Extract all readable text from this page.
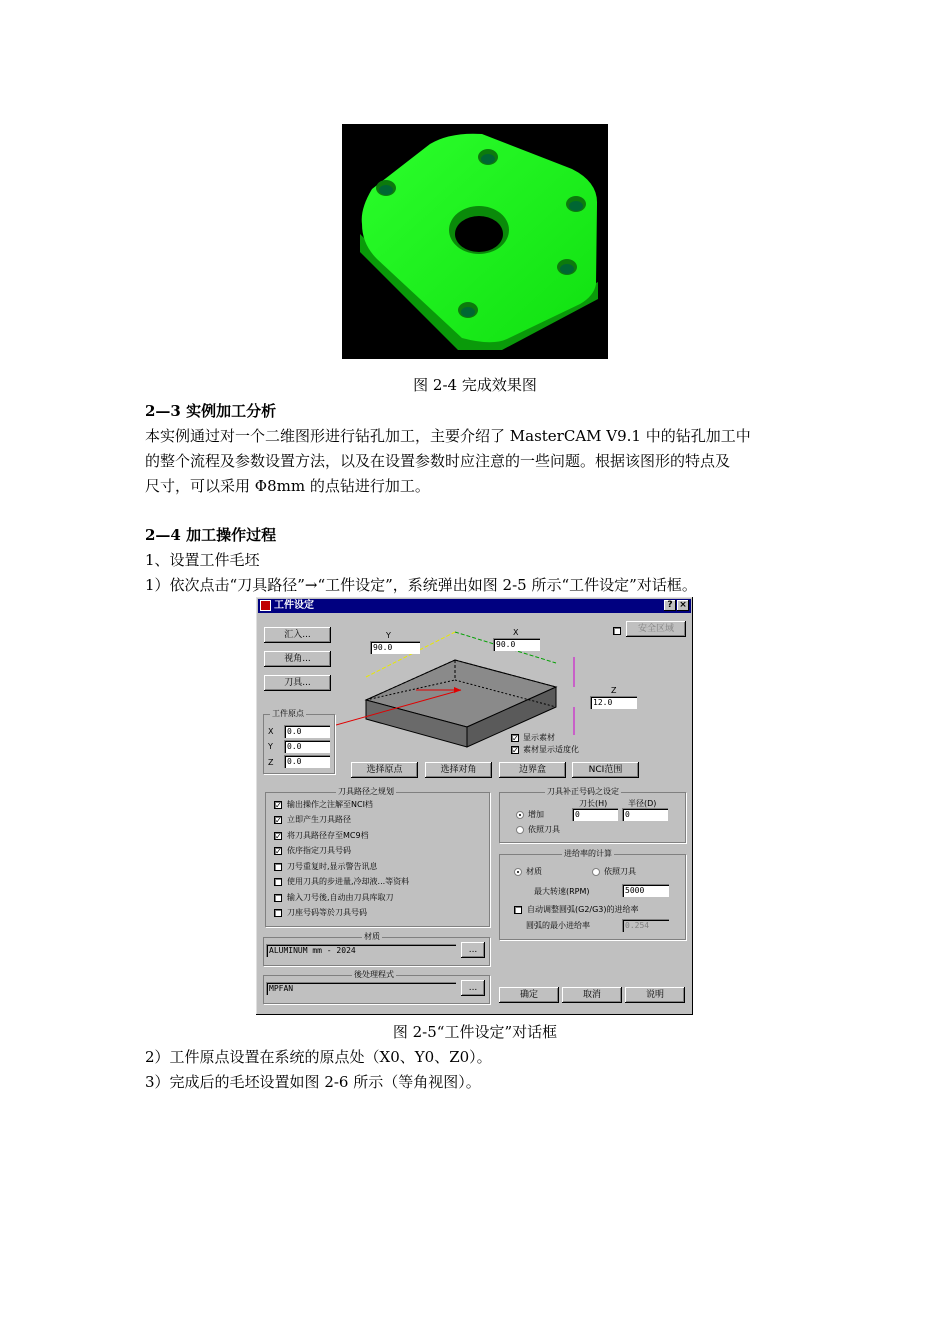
图 2-4 完成效果图
2—3 实例加工分析
本实例通过对一个二维图形进行钻孔加工，主要介绍了 MasterCAM V9.1 中的钻孔加工中
的整个流程及参数设置方法，以及在设置参数时应注意的一些问题。根据该图形的特点及
尺寸，可以采用 Φ8mm 的点钻进行加工。
2—4 加工操作过程
1、设置工件毛坯
1）依次点击“刀具路径”→“工件设定”，系统弹出如图 2-5 所示“工件设定”对话框。
工件设定	? ×
汇入...
视角...
刀具...
安全区域
Y
90.0
X
90.0
Z
12.0
工件原点
X	0.0
Y	0.0
Z	0.0
✓ 显示素材
✓ 素材显示适度化
选择原点	选择对角	边界盒	NCI范围
刀具路径之规划
✓ 输出操作之注解至NCI档
✓ 立即产生刀具路径
✓ 将刀具路径存至MC9档
✓ 依序指定刀具号码
刀号重复时,显示警告讯息
使用刀具的步进量,冷却液...等资料
输入刀号後,自动由刀具库取刀
刀座号码等於刀具号码
刀具补正号码之设定
刀长(H)	半径(D)
增加	0	0
依照刀具
进给率的计算
材质	依照刀具
最大转速(RPM)	5000
自动调整圆弧(G2/G3)的进给率
圆弧的最小进给率	0.254
材质
ALUMINUM mm - 2024	...
後处理程式
MPFAN	...
确定	取消	说明
图 2-5“工件设定”对话框
2）工件原点设置在系统的原点处（X0、Y0、Z0）。
3）完成后的毛坯设置如图 2-6 所示（等角视图）。
